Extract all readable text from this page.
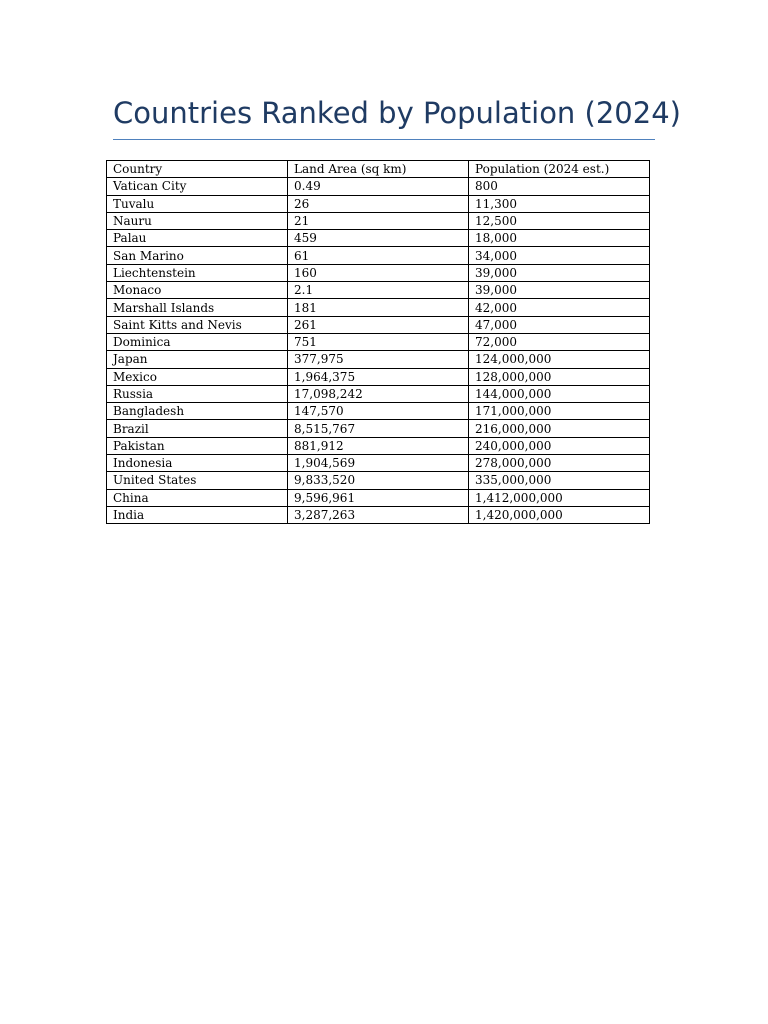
Countries Ranked by Population (2024)
Country	Land Area (sq km)	Population (2024 est.)
Vatican City	0.49	800
Tuvalu	26	11,300
Nauru	21	12,500
Palau	459	18,000
San Marino	61	34,000
Liechtenstein	160	39,000
Monaco	2.1	39,000
Marshall Islands	181	42,000
Saint Kitts and Nevis	261	47,000
Dominica	751	72,000
Japan	377,975	124,000,000
Mexico	1,964,375	128,000,000
Russia	17,098,242	144,000,000
Bangladesh	147,570	171,000,000
Brazil	8,515,767	216,000,000
Pakistan	881,912	240,000,000
Indonesia	1,904,569	278,000,000
United States	9,833,520	335,000,000
China	9,596,961	1,412,000,000
India	3,287,263	1,420,000,000
